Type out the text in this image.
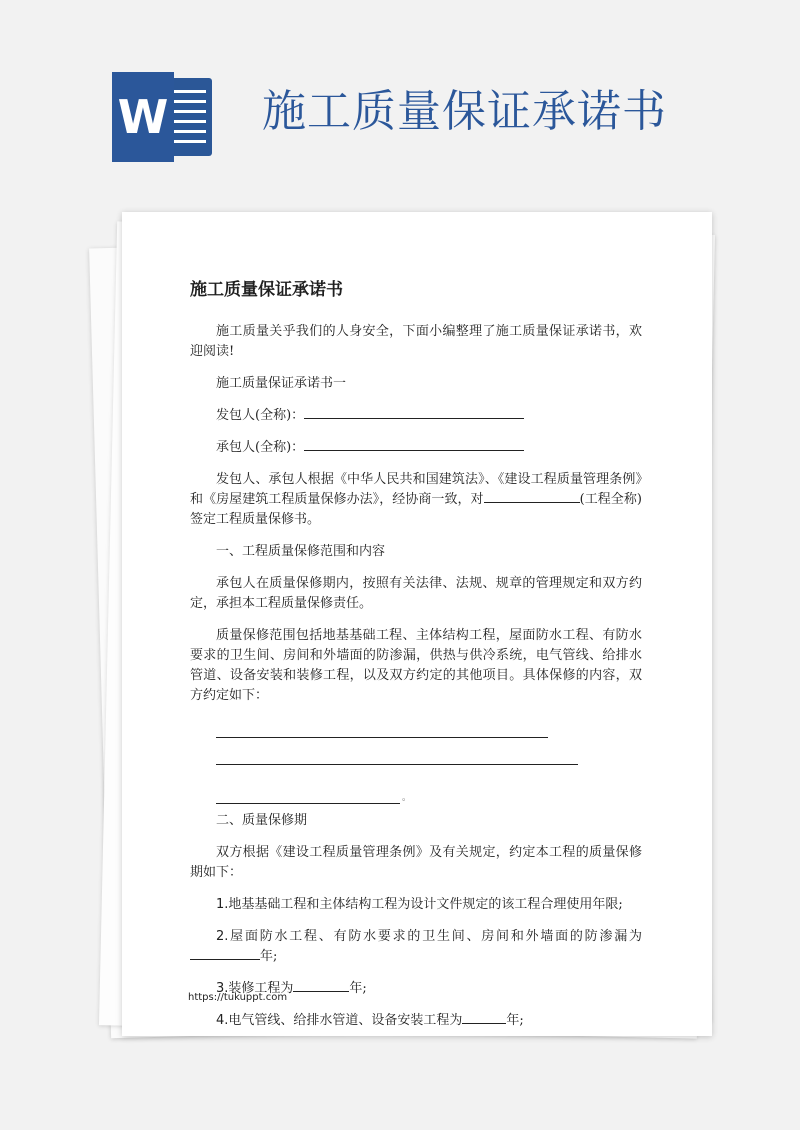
W 施工质量保证承诺书
施工质量保证承诺书

施工质量关乎我们的人身安全，下面小编整理了施工质量保证承诺书，欢迎阅读!

施工质量保证承诺书一

发包人(全称)：

承包人(全称)：

发包人、承包人根据《中华人民共和国建筑法》、《建设工程质量管理条例》和《房屋建筑工程质量保修办法》，经协商一致，对	(工程全称)签定工程质量保修书。

一、工程质量保修范围和内容

承包人在质量保修期内，按照有关法律、法规、规章的管理规定和双方约定，承担本工程质量保修责任。

质量保修范围包括地基基础工程、主体结构工程，屋面防水工程、有防水要求的卫生间、房间和外墙面的防渗漏，供热与供冷系统，电气管线、给排水管道、设备安装和装修工程，以及双方约定的其他项目。具体保修的内容，双方约定如下：

。

二、质量保修期

双方根据《建设工程质量管理条例》及有关规定，约定本工程的质量保修期如下：

1.地基基础工程和主体结构工程为设计文件规定的该工程合理使用年限;

2.屋面防水工程、有防水要求的卫生间、房间和外墙面的防渗漏为年;

3.装修工程为	年;

4.电气管线、给排水管道、设备安装工程为	年;

https://tukuppt.com
